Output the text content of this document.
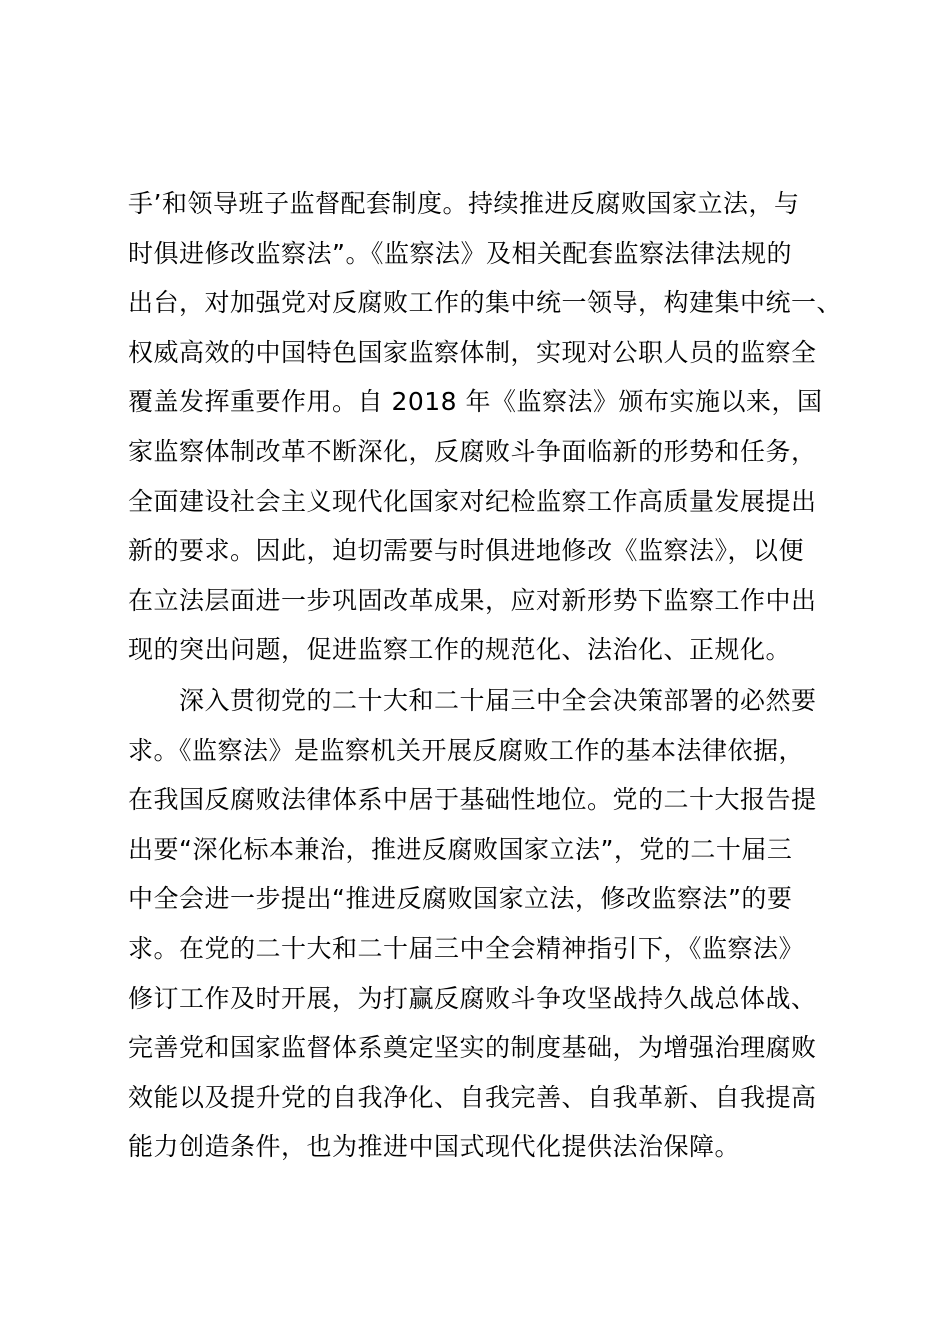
手’和领导班子监督配套制度。持续推进反腐败国家立法，与
时俱进修改监察法”。《监察法》及相关配套监察法律法规的
出台，对加强党对反腐败工作的集中统一领导，构建集中统一、
权威高效的中国特色国家监察体制，实现对公职人员的监察全
覆盖发挥重要作用。自 2018 年《监察法》颁布实施以来，国
家监察体制改革不断深化，反腐败斗争面临新的形势和任务，
全面建设社会主义现代化国家对纪检监察工作高质量发展提出
新的要求。因此，迫切需要与时俱进地修改《监察法》，以便
在立法层面进一步巩固改革成果，应对新形势下监察工作中出
现的突出问题，促进监察工作的规范化、法治化、正规化。
　　深入贯彻党的二十大和二十届三中全会决策部署的必然要
求。《监察法》是监察机关开展反腐败工作的基本法律依据，
在我国反腐败法律体系中居于基础性地位。党的二十大报告提
出要“深化标本兼治，推进反腐败国家立法”，党的二十届三
中全会进一步提出“推进反腐败国家立法，修改监察法”的要
求。在党的二十大和二十届三中全会精神指引下，《监察法》
修订工作及时开展，为打赢反腐败斗争攻坚战持久战总体战、
完善党和国家监督体系奠定坚实的制度基础，为增强治理腐败
效能以及提升党的自我净化、自我完善、自我革新、自我提高
能力创造条件，也为推进中国式现代化提供法治保障。
